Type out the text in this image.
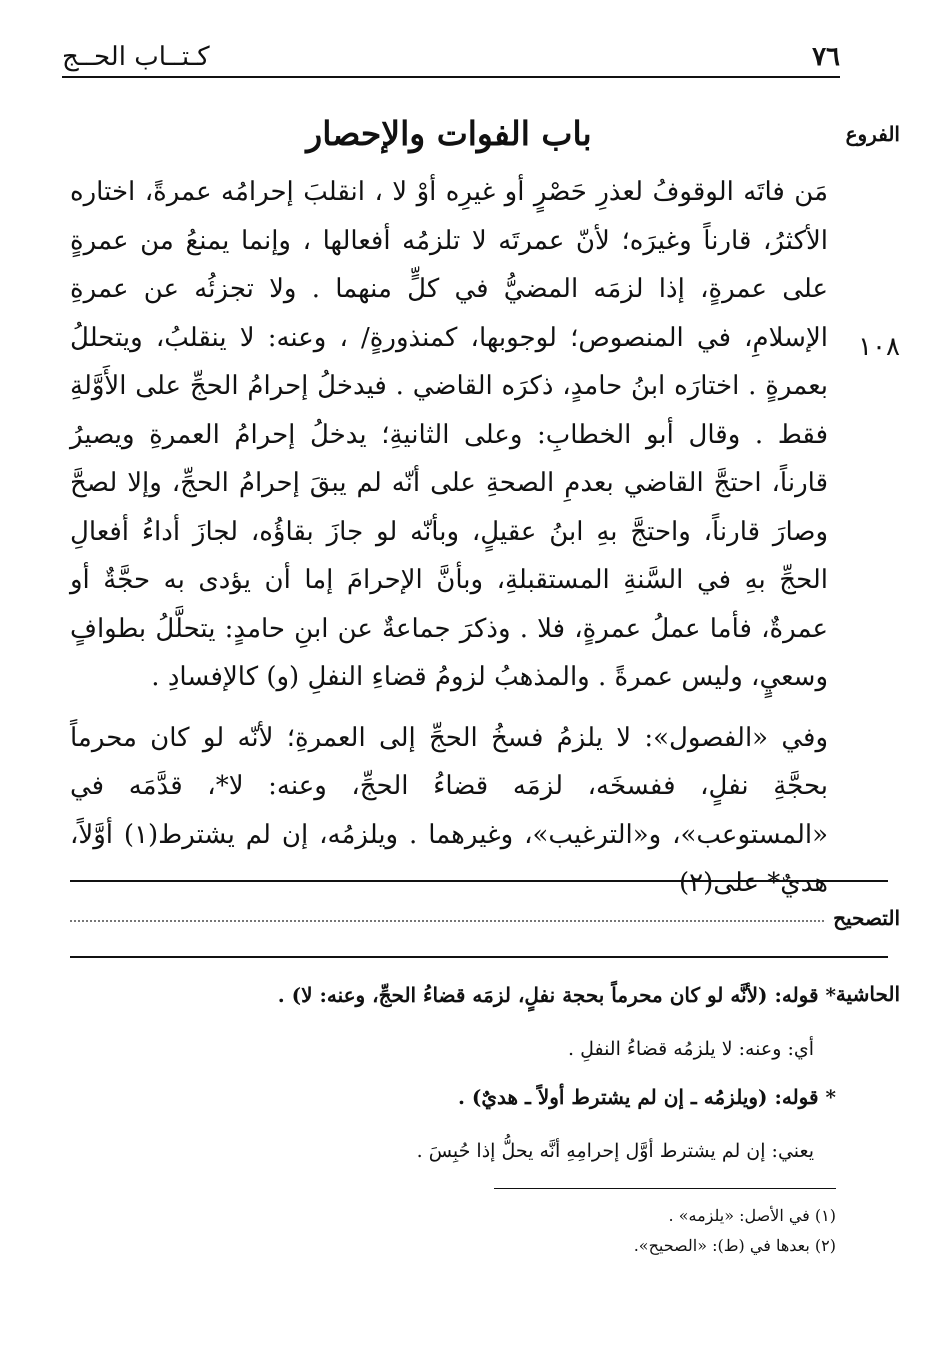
كـتــاب الحــج	٧٦
الفروع
١٠٨
باب الفوات والإحصار

مَن فاتَه الوقوفُ لعذرِ حَصْرٍ أو غيرِه أوْ لا ، انقلبَ إحرامُه عمرةً، اختاره الأكثرُ، قارناً وغيرَه؛ لأنّ عمرتَه لا تلزمُه أفعالها ، وإنما يمنعُ من عمرةٍ على عمرةٍ، إذا لزمَه المضيُّ في كلٍّ منهما . ولا تجزئُه عن عمرةِ الإسلامِ، في المنصوص؛ لوجوبها، كمنذورةٍ/ ، وعنه: لا ينقلبُ، ويتحللُ بعمرةٍ . اختارَه ابنُ حامدٍ، ذكرَه القاضي . فيدخلُ إحرامُ الحجِّ على الأَوَّلةِ فقط . وقال أبو الخطابِ: وعلى الثانيةِ؛ يدخلُ إحرامُ العمرةِ ويصيرُ قارناً، احتجَّ القاضي بعدمِ الصحةِ على أنّه لم يبقَ إحرامُ الحجِّ، وإلا لصحَّ وصارَ قارناً، واحتجَّ بهِ ابنُ عقيلٍ، وبأنّه لو جازَ بقاؤُه، لجازَ أداءُ أفعالِ الحجِّ بهِ في السَّنةِ المستقبلةِ، وبأنَّ الإحرامَ إما أن يؤدى به حجَّةٌ أو عمرةٌ، فأما عملُ عمرةٍ، فلا . وذكرَ جماعةٌ عن ابنِ حامدٍ: يتحلَّلُ بطوافٍ وسعيٍ، وليس عمرةً . والمذهبُ لزومُ قضاءِ النفلِ (و) كالإفسادِ .

وفي «الفصول»: لا يلزمُ فسخُ الحجِّ إلى العمرةِ؛ لأنّه لو كان محرماً بحجَّةِ نفلٍ، ففسخَه، لزمَه قضاءُ الحجِّ، وعنه: لا*، قدَّمَه في «المستوعب»، و«الترغيب»، وغيرهما . ويلزمُه، إن لم يشترط(١) أوَّلاً، هديٌ* على(٢)

التصحيح
الحاشية
* قوله: (لأنَّه لو كان محرماً بحجة نفلٍ، لزمَه قضاءُ الحجِّ، وعنه: لا) .
أي: وعنه: لا يلزمُه قضاءُ النفلِ .
* قوله: (ويلزمُه ـ إن لم يشترط أولاً ـ هديٌ) .
يعني: إن لم يشترط أوَّل إحرامِهِ أنَّه يحلُّ إذا حُبِسَ .
(١) في الأصل: «يلزمه» .
(٢) بعدها في (ط): «الصحيح».
